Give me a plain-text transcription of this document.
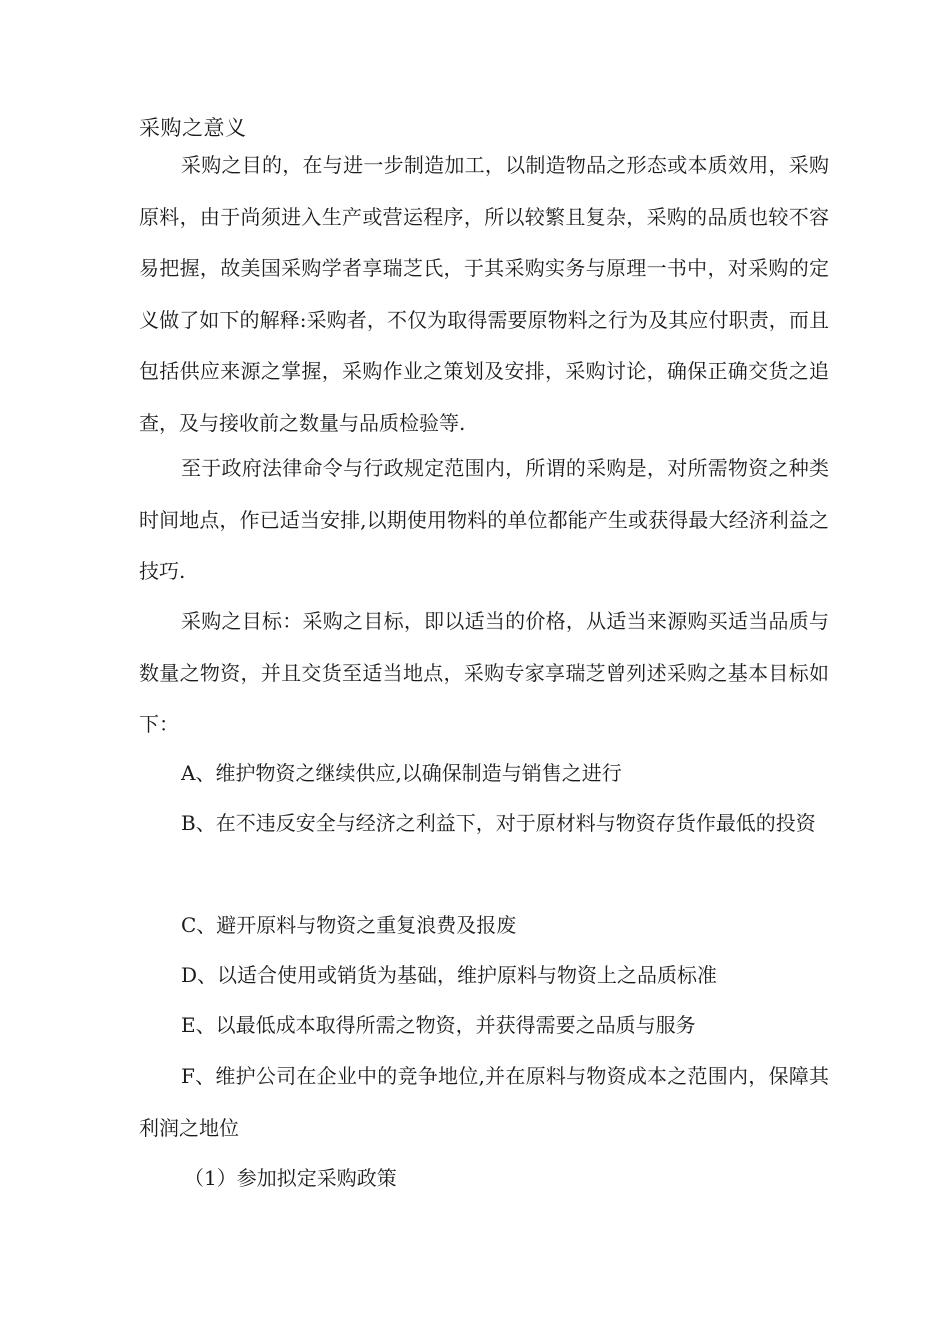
采购之意义

采购之目的，在与进一步制造加工，以制造物品之形态或本质效用，采购原料，由于尚须进入生产或营运程序，所以较繁且复杂，采购的品质也较不容易把握，故美国采购学者享瑞芝氏，于其采购实务与原理一书中，对采购的定义做了如下的解释:采购者，不仅为取得需要原物料之行为及其应付职责，而且包括供应来源之掌握，采购作业之策划及安排，采购讨论，确保正确交货之追查，及与接收前之数量与品质检验等.

至于政府法律命令与行政规定范围内，所谓的采购是，对所需物资之种类时间地点，作已适当安排,以期使用物料的单位都能产生或获得最大经济利益之技巧.

采购之目标：采购之目标，即以适当的价格，从适当来源购买适当品质与数量之物资，并且交货至适当地点，采购专家享瑞芝曾列述采购之基本目标如下：

A、维护物资之继续供应,以确保制造与销售之进行

B、在不违反安全与经济之利益下，对于原材料与物资存货作最低的投资

C、避开原料与物资之重复浪费及报废

D、以适合使用或销货为基础，维护原料与物资上之品质标准

E、以最低成本取得所需之物资，并获得需要之品质与服务

F、维护公司在企业中的竞争地位,并在原料与物资成本之范围内，保障其利润之地位

（1）参加拟定采购政策
